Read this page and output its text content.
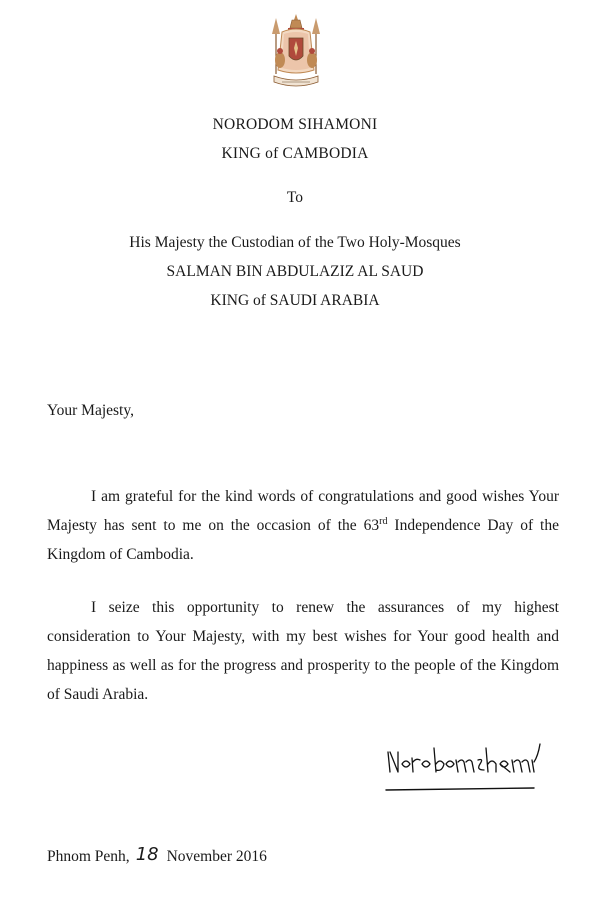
NORODOM SIHAMONI
KING of CAMBODIA
To
His Majesty the Custodian of the Two Holy-Mosques
SALMAN BIN ABDULAZIZ AL SAUD
KING of SAUDI ARABIA
Your Majesty,
I am grateful for the kind words of congratulations and good wishes Your Majesty has sent to me on the occasion of the 63rd Independence Day of the Kingdom of Cambodia.
I seize this opportunity to renew the assurances of my highest consideration to Your Majesty, with my best wishes for Your good health and happiness as well as for the progress and prosperity to the people of the Kingdom of Saudi Arabia.
Phnom Penh, 18 November 2016
